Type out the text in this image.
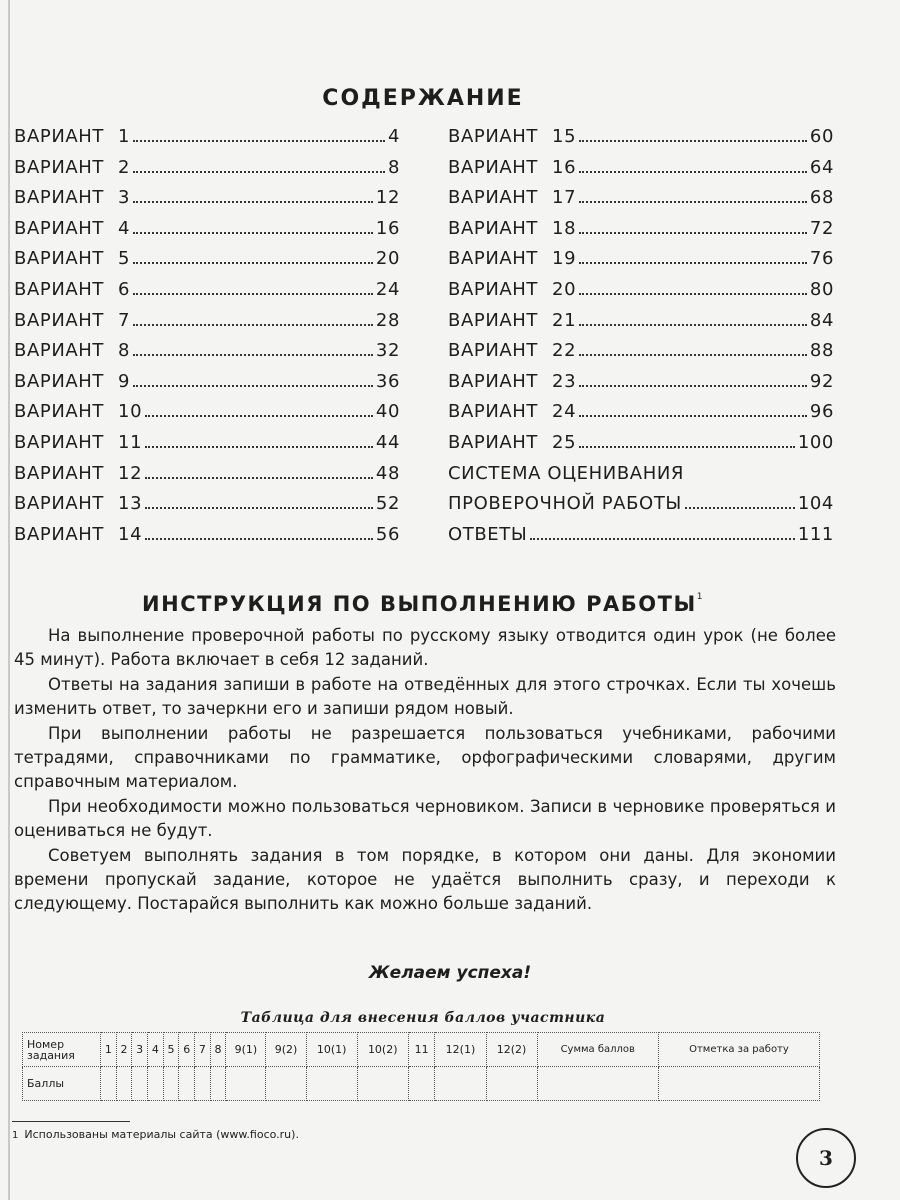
СОДЕРЖАНИЕ
ВАРИАНТ 1	4
ВАРИАНТ 2	8
ВАРИАНТ 3	12
ВАРИАНТ 4	16
ВАРИАНТ 5	20
ВАРИАНТ 6	24
ВАРИАНТ 7	28
ВАРИАНТ 8	32
ВАРИАНТ 9	36
ВАРИАНТ 10	40
ВАРИАНТ 11	44
ВАРИАНТ 12	48
ВАРИАНТ 13	52
ВАРИАНТ 14	56
ВАРИАНТ 15	60
ВАРИАНТ 16	64
ВАРИАНТ 17	68
ВАРИАНТ 18	72
ВАРИАНТ 19	76
ВАРИАНТ 20	80
ВАРИАНТ 21	84
ВАРИАНТ 22	88
ВАРИАНТ 23	92
ВАРИАНТ 24	96
ВАРИАНТ 25	100
СИСТЕМА ОЦЕНИВАНИЯ
ПРОВЕРОЧНОЙ РАБОТЫ	104
ОТВЕТЫ	111
ИНСТРУКЦИЯ ПО ВЫПОЛНЕНИЮ РАБОТЫ$^1$

На выполнение проверочной работы по русскому языку отводится один урок (не более 45 минут). Работа включает в себя 12 заданий.

Ответы на задания запиши в работе на отведённых для этого строчках. Если ты хочешь изменить ответ, то зачеркни его и запиши рядом новый.

При выполнении работы не разрешается пользоваться учебниками, рабочими тетрадями, справочниками по грамматике, орфографическими словарями, другим справочным материалом.

При необходимости можно пользоваться черновиком. Записи в черновике проверяться и оцениваться не будут.

Советуем выполнять задания в том порядке, в котором они даны. Для экономии времени пропускай задание, которое не удаётся выполнить сразу, и переходи к следующему. Постарайся выполнить как можно больше заданий.

Желаем успеха!
Таблица для внесения баллов участника
Номер задания	1	2	3	4	5	6	7	8	9(1)	9(2)	10(1)	10(2)	11	12(1)	12(2)	Сумма баллов	Отметка за работу
Баллы																	
1 Использованы материалы сайта (www.fioco.ru).
3
